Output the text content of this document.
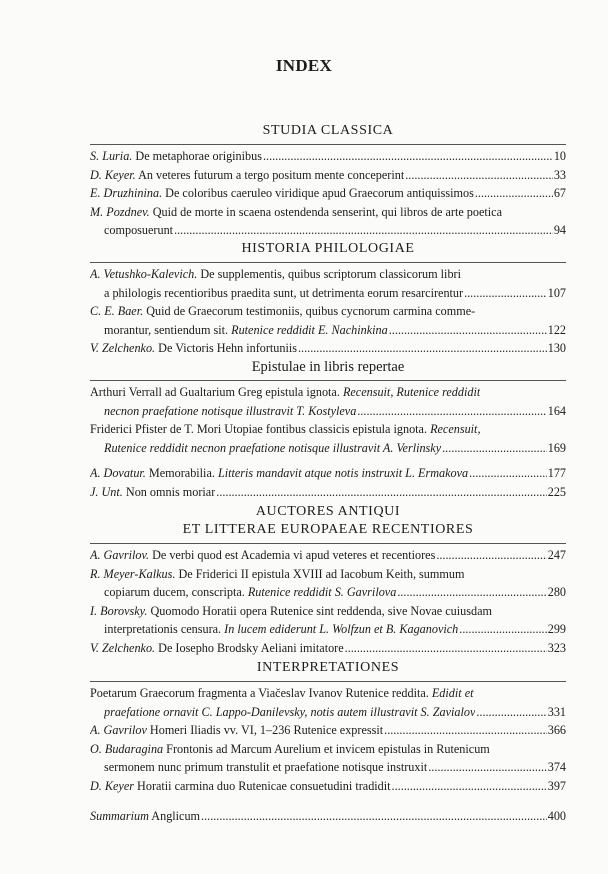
INDEX
STUDIA CLASSICA
S. Luria. De metaphorae originibus .....	10
D. Keyer. An veteres futurum a tergo positum mente conceperint .....	33
E. Druzhinina. De coloribus caeruleo viridique apud Graecorum antiquissimos .....	67
M. Pozdnev. Quid de morte in scaena ostendenda senserint, qui libros de arte poetica
composuerunt .....	94
HISTORIA PHILOLOGIAE
A. Vetushko-Kalevich. De supplementis, quibus scriptorum classicorum libri
a philologis recentioribus praedita sunt, ut detrimenta eorum resarcirentur .....	107
C. E. Baer. Quid de Graecorum testimoniis, quibus cycnorum carmina comme-
morantur, sentiendum sit. Rutenice reddidit E. Nachinkina .....	122
V. Zelchenko. De Victoris Hehn infortuniis .....	130
Epistulae in libris repertae
Arthuri Verrall ad Gualtarium Greg epistula ignota. Recensuit, Rutenice reddidit
necnon praefatione notisque illustravit T. Kostyleva .....	164
Friderici Pfister de T. Mori Utopiae fontibus classicis epistula ignota. Recensuit,
Rutenice reddidit necnon praefatione notisque illustravit A. Verlinsky .....	169
A. Dovatur. Memorabilia. Litteris mandavit atque notis instruxit L. Ermakova .....	177
J. Unt. Non omnis moriar .....	225
AUCTORES ANTIQUI
ET LITTERAE EUROPAEAE RECENTIORES
A. Gavrilov. De verbi quod est Academia vi apud veteres et recentiores .....	247
R. Meyer-Kalkus. De Friderici II epistula XVIII ad Iacobum Keith, summum
copiarum ducem, conscripta. Rutenice reddidit S. Gavrilova .....	280
I. Borovsky. Quomodo Horatii opera Rutenice sint reddenda, sive Novae cuiusdam
interpretationis censura. In lucem ediderunt L. Wolfzun et B. Kaganovich .....	299
V. Zelchenko. De Iosepho Brodsky Aeliani imitatore .....	323
INTERPRETATIONES
Poetarum Graecorum fragmenta a Viačeslav Ivanov Rutenice reddita. Edidit et
praefatione ornavit C. Lappo-Danilevsky, notis autem illustravit S. Zavialov .....	331
A. Gavrilov Homeri Iliadis vv. VI, 1–236 Rutenice expressit .....	366
O. Budaragina Frontonis ad Marcum Aurelium et invicem epistulas in Rutenicum
sermonem nunc primum transtulit et praefatione notisque instruxit .....	374
D. Keyer Horatii carmina duo Rutenicae consuetudini tradidit .....	397
Summarium Anglicum .....	400
